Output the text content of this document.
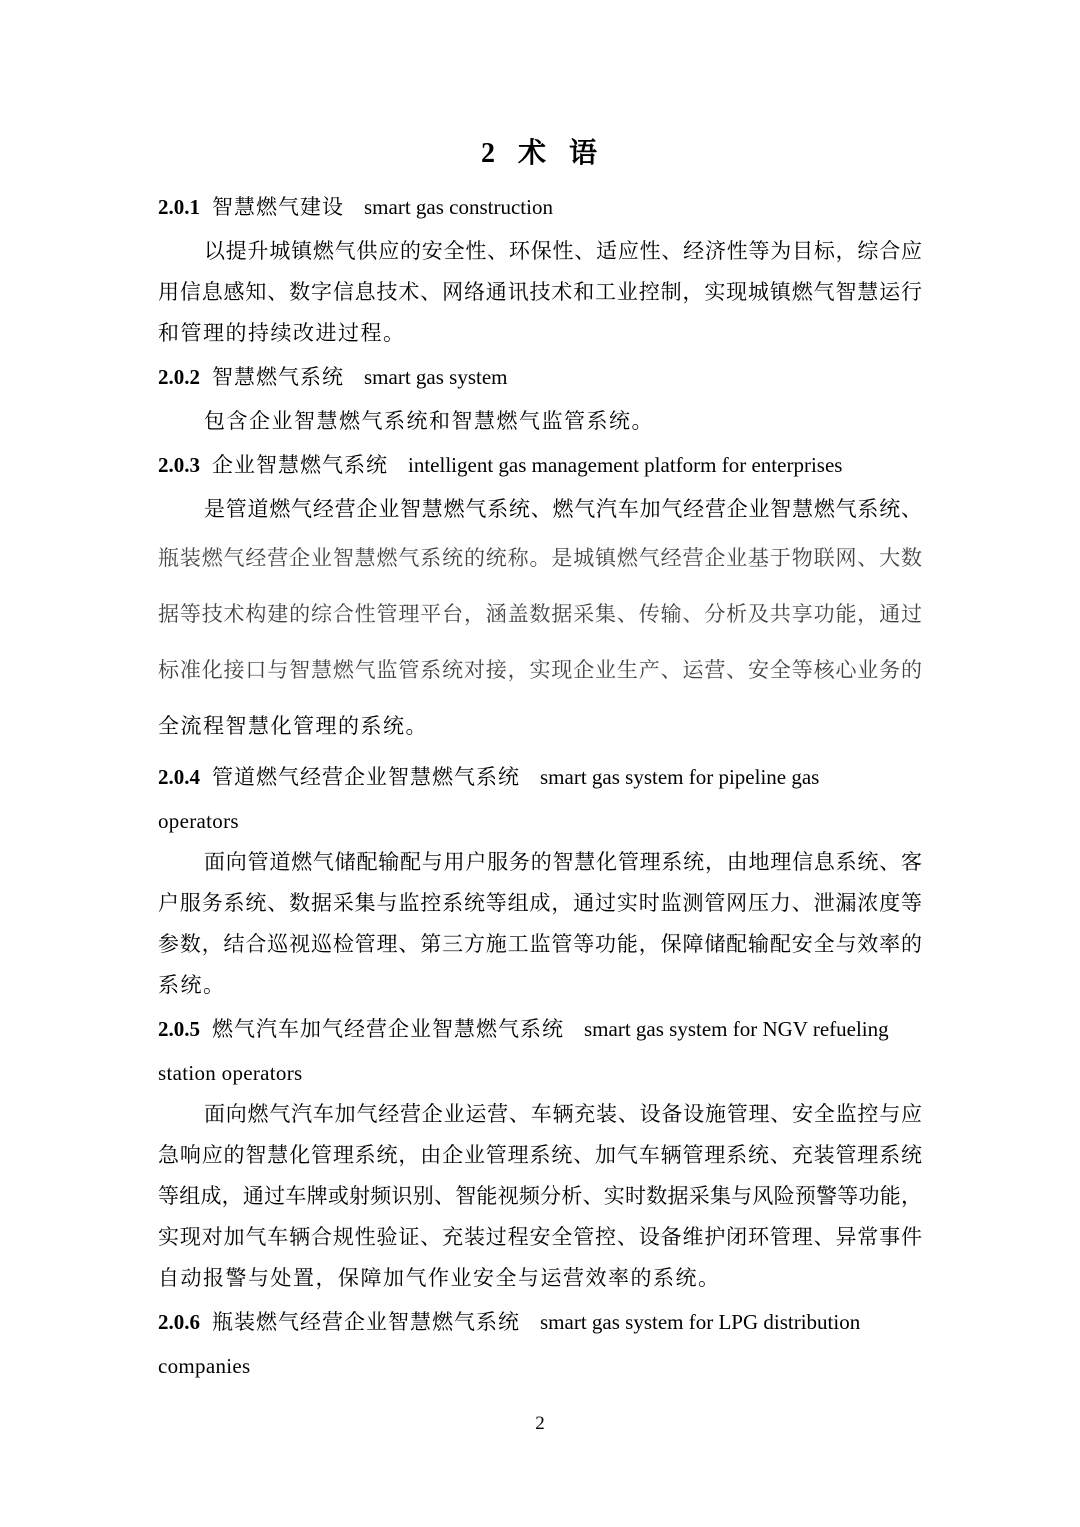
2 术 语
2.0.1 智慧燃气建设 smart gas construction
以提升城镇燃气供应的安全性、环保性、适应性、经济性等为目标，综合应
用信息感知、数字信息技术、网络通讯技术和工业控制，实现城镇燃气智慧运行
和管理的持续改进过程。
2.0.2 智慧燃气系统 smart gas system
包含企业智慧燃气系统和智慧燃气监管系统。
2.0.3 企业智慧燃气系统 intelligent gas management platform for enterprises
是管道燃气经营企业智慧燃气系统、燃气汽车加气经营企业智慧燃气系统、
瓶装燃气经营企业智慧燃气系统的统称。是城镇燃气经营企业基于物联网、大数
据等技术构建的综合性管理平台，涵盖数据采集、传输、分析及共享功能，通过
标准化接口与智慧燃气监管系统对接，实现企业生产、运营、安全等核心业务的
全流程智慧化管理的系统。
2.0.4 管道燃气经营企业智慧燃气系统 smart gas system for pipeline gas
operators
面向管道燃气储配输配与用户服务的智慧化管理系统，由地理信息系统、客
户服务系统、数据采集与监控系统等组成，通过实时监测管网压力、泄漏浓度等
参数，结合巡视巡检管理、第三方施工监管等功能，保障储配输配安全与效率的
系统。
2.0.5 燃气汽车加气经营企业智慧燃气系统 smart gas system for NGV refueling
station operators
面向燃气汽车加气经营企业运营、车辆充装、设备设施管理、安全监控与应
急响应的智慧化管理系统，由企业管理系统、加气车辆管理系统、充装管理系统
等组成，通过车牌或射频识别、智能视频分析、实时数据采集与风险预警等功能，
实现对加气车辆合规性验证、充装过程安全管控、设备维护闭环管理、异常事件
自动报警与处置，保障加气作业安全与运营效率的系统。
2.0.6 瓶装燃气经营企业智慧燃气系统 smart gas system for LPG distribution
companies
2
